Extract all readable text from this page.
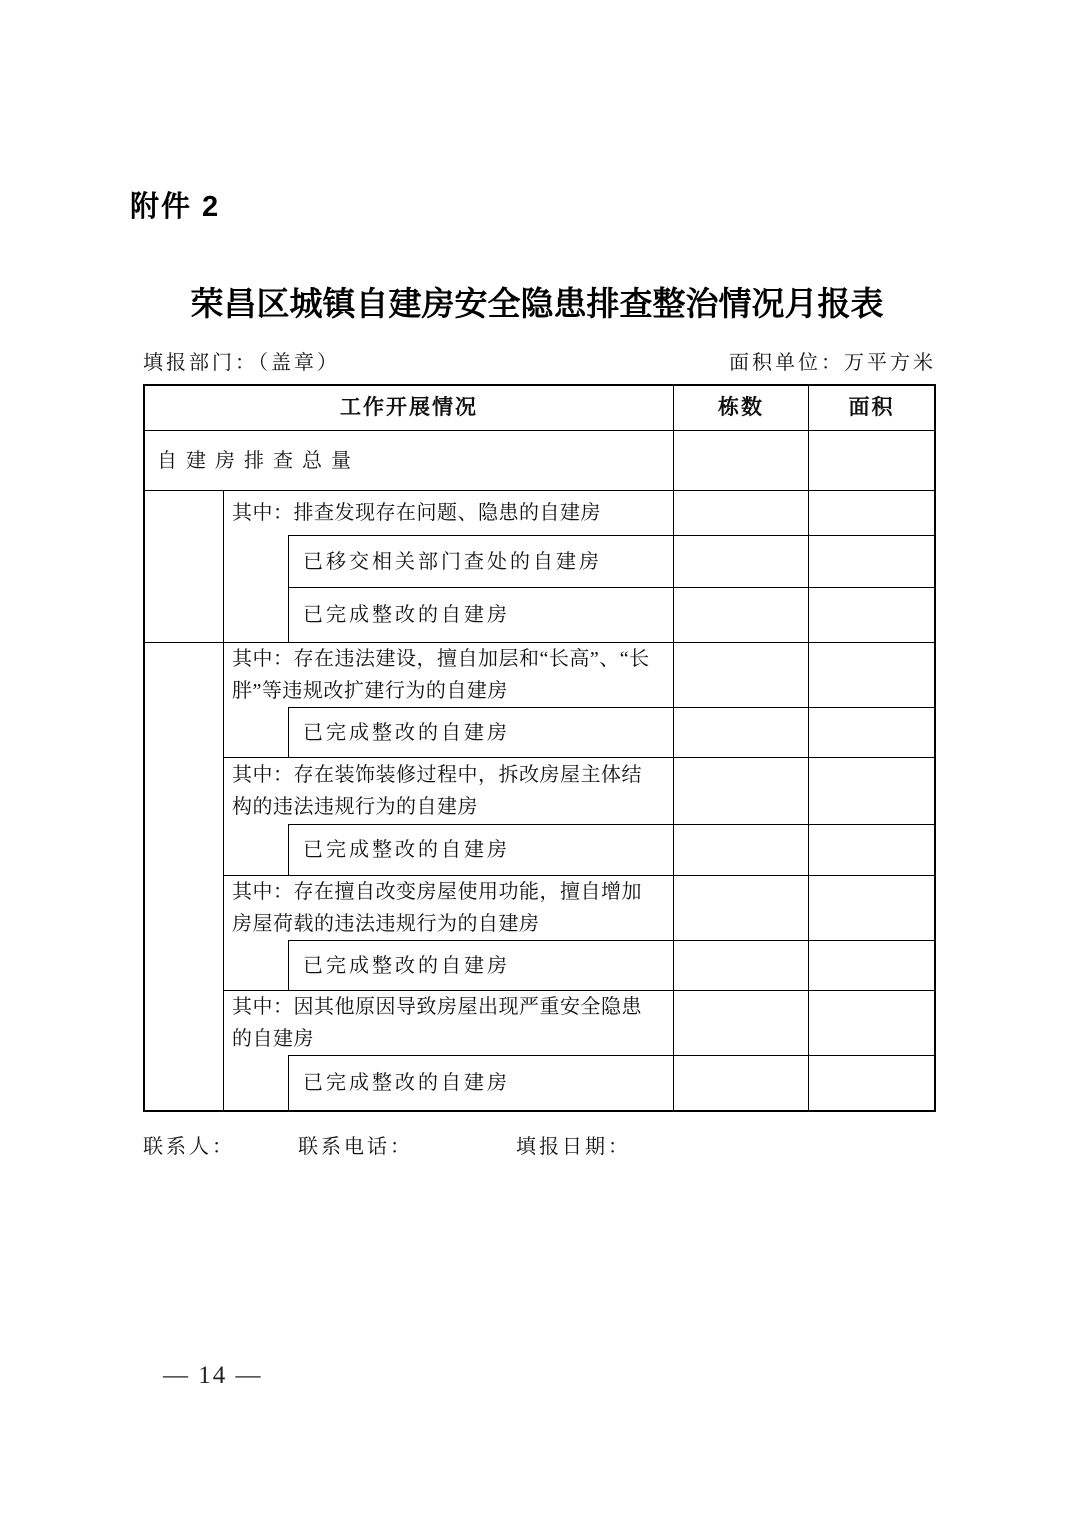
附件 2
荣昌区城镇自建房安全隐患排查整治情况月报表
填报部门：（盖章）	面积单位：万平方米
工作开展情况	栋数	面积
自建房排查总量
其中：排查发现存在问题、隐患的自建房
已移交相关部门查处的自建房
已完成整改的自建房
其中：存在违法建设，擅自加层和“长高”、“长胖”等违规改扩建行为的自建房
已完成整改的自建房
其中：存在装饰装修过程中，拆改房屋主体结构的违法违规行为的自建房
已完成整改的自建房
其中：存在擅自改变房屋使用功能，擅自增加房屋荷载的违法违规行为的自建房
已完成整改的自建房
其中：因其他原因导致房屋出现严重安全隐患的自建房
已完成整改的自建房
联系人：	联系电话：	填报日期：
— 14 —
